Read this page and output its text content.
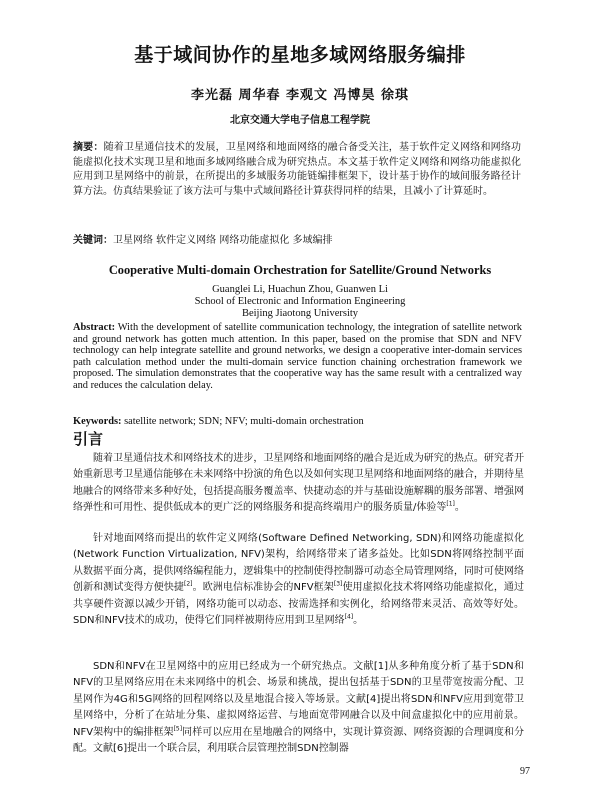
基于域间协作的星地多域网络服务编排
李光磊 周华春 李观文 冯博昊 徐琪
北京交通大学电子信息工程学院
摘要：随着卫星通信技术的发展，卫星网络和地面网络的融合备受关注，基于软件定义网络和网络功能虚拟化技术实现卫星和地面多域网络融合成为研究热点。本文基于软件定义网络和网络功能虚拟化应用到卫星网络中的前景，在所提出的多域服务功能链编排框架下，设计基于协作的域间服务路径计算方法。仿真结果验证了该方法可与集中式域间路径计算获得同样的结果，且减小了计算延时。
关键词：卫星网络 软件定义网络 网络功能虚拟化 多域编排
Cooperative Multi-domain Orchestration for Satellite/Ground Networks
Guanglei Li, Huachun Zhou, Guanwen Li
School of Electronic and Information Engineering
Beijing Jiaotong University
Abstract: With the development of satellite communication technology, the integration of satellite network and ground network has gotten much attention. In this paper, based on the promise that SDN and NFV technology can help integrate satellite and ground networks, we design a cooperative inter-domain services path calculation method under the multi-domain service function chaining orchestration framework we proposed. The simulation demonstrates that the cooperative way has the same result with a centralized way and reduces the calculation delay.
Keywords: satellite network; SDN; NFV; multi-domain orchestration
引言
随着卫星通信技术和网络技术的进步，卫星网络和地面网络的融合是近成为研究的热点。研究者开始重新思考卫星通信能够在未来网络中扮演的角色以及如何实现卫星网络和地面网络的融合，并期待星地融合的网络带来多种好处，包括提高服务覆盖率、快捷动态的并与基础设施解耦的服务部署、增强网络弹性和可用性、提供低成本的更广泛的网络服务和提高终端用户的服务质量/体验等[1]。
针对地面网络而提出的软件定义网络(Software Defined Networking, SDN)和网络功能虚拟化(Network Function Virtualization, NFV)架构，给网络带来了诸多益处。比如SDN将网络控制平面从数据平面分离，提供网络编程能力，逻辑集中的控制使得控制器可动态全局管理网络，同时可使网络创新和测试变得方便快捷[2]。欧洲电信标准协会的NFV框架[3]使用虚拟化技术将网络功能虚拟化，通过共享硬件资源以减少开销，网络功能可以动态、按需选择和实例化，给网络带来灵活、高效等好处。SDN和NFV技术的成功，使得它们同样被期待应用到卫星网络[4]。
SDN和NFV在卫星网络中的应用已经成为一个研究热点。文献[1]从多种角度分析了基于SDN和NFV的卫星网络应用在未来网络中的机会、场景和挑战，提出包括基于SDN的卫星带宽按需分配、卫星网作为4G和5G网络的回程网络以及星地混合接入等场景。文献[4]提出将SDN和NFV应用到宽带卫星网络中，分析了在站址分集、虚拟网络运营、与地面宽带网融合以及中间盒虚拟化中的应用前景。NFV架构中的编排框架[5]同样可以应用在星地融合的网络中，实现计算资源、网络资源的合理调度和分配。文献[6]提出一个联合层，利用联合层管理控制SDN控制器
97
